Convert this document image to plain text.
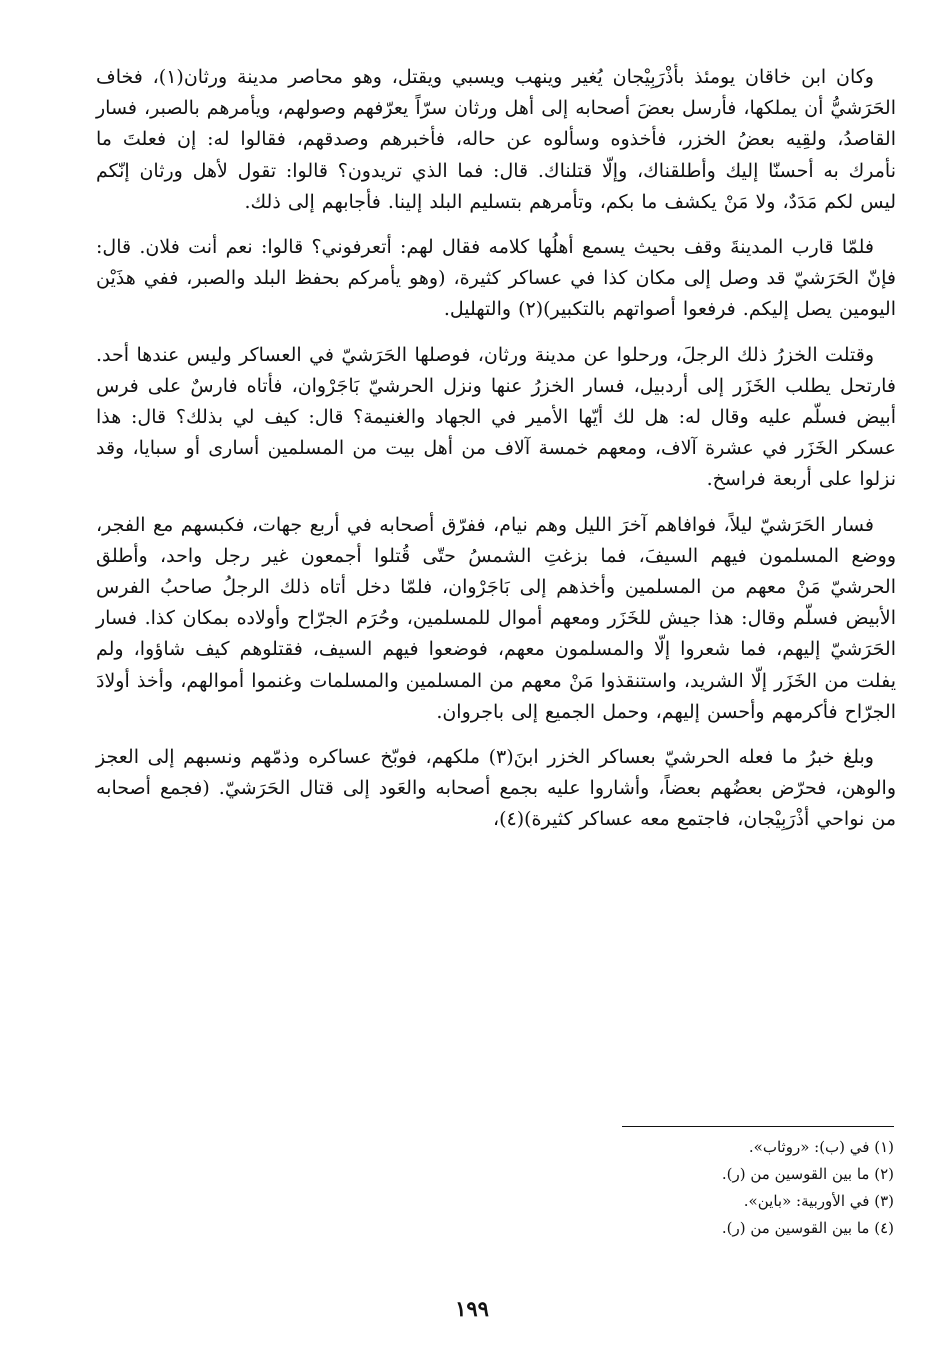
وكان ابن خاقان يومئذ بأذْرَبِيْجان يُغير وينهب ويسبي ويقتل، وهو محاصر مدينة ورثان(١)، فخاف الحَرَشيُّ أن يملكها، فأرسل بعضَ أصحابه إلى أهل ورثان سرّاً يعرّفهم وصولهم، ويأمرهم بالصبر، فسار القاصدُ، ولقِيه بعضُ الخزر، فأخذوه وسألوه عن حاله، فأخبرهم وصدقهم، فقالوا له: إن فعلتَ ما نأمرك به أحسنّا إليك وأطلقناك، وإلّا قتلناك. قال: فما الذي تريدون؟ قالوا: تقول لأهل ورثان إنّكم ليس لكم مَدَدٌ، ولا مَنْ يكشف ما بكم، وتأمرهم بتسليم البلد إلينا. فأجابهم إلى ذلك.

فلمّا قارب المدينةَ وقف بحيث يسمع أهلُها كلامه فقال لهم: أتعرفوني؟ قالوا: نعم أنت فلان. قال: فإنّ الحَرَشيّ قد وصل إلى مكان كذا في عساكر كثيرة، (وهو يأمركم بحفظ البلد والصبر، ففي هذَيْن اليومين يصل إليكم. فرفعوا أصواتهم بالتكبير)(٢) والتهليل.

وقتلت الخزرُ ذلك الرجلَ، ورحلوا عن مدينة ورثان، فوصلها الحَرَشيّ في العساكر وليس عندها أحد. فارتحل يطلب الخَزَر إلى أردبيل، فسار الخزرُ عنها ونزل الحرشيّ بَاجَرْوان، فأتاه فارسٌ على فرس أبيض فسلّم عليه وقال له: هل لك أيّها الأمير في الجهاد والغنيمة؟ قال: كيف لي بذلك؟ قال: هذا عسكر الخَزَر في عشرة آلاف، ومعهم خمسة آلاف من أهل بيت من المسلمين أسارى أو سبايا، وقد نزلوا على أربعة فراسخ.

فسار الحَرَشيّ ليلاً، فوافاهم آخرَ الليل وهم نيام، ففرّق أصحابه في أربع جهات، فكبسهم مع الفجر، ووضع المسلمون فيهم السيفَ، فما بزغتِ الشمسُ حتّى قُتلوا أجمعون غير رجل واحد، وأطلق الحرشيّ مَنْ معهم من المسلمين وأخذهم إلى بَاجَرْوان، فلمّا دخل أتاه ذلك الرجلُ صاحبُ الفرس الأبيض فسلّم وقال: هذا جيش للخَزَر ومعهم أموال للمسلمين، وحُرَم الجرّاح وأولاده بمكان كذا. فسار الحَرَشيّ إليهم، فما شعروا إلّا والمسلمون معهم، فوضعوا فيهم السيف، فقتلوهم كيف شاؤوا، ولم يفلت من الخَزَر إلّا الشريد، واستنقذوا مَنْ معهم من المسلمين والمسلمات وغنموا أموالهم، وأخذ أولادَ الجرّاح فأكرمهم وأحسن إليهم، وحمل الجميع إلى باجروان.

وبلغ خبرُ ما فعله الحرشيّ بعساكر الخزر ابنَ(٣) ملكهم، فوبّخ عساكره وذمّهم ونسبهم إلى العجز والوهن، فحرّض بعضُهم بعضاً، وأشاروا عليه بجمع أصحابه والعَود إلى قتال الحَرَشيّ. (فجمع أصحابه من نواحي أذْرَبِيْجان، فاجتمع معه عساكر كثيرة)(٤)،

(١) في (ب): «روثاب».

(٢) ما بين القوسين من (ر).

(٣) في الأوربية: «باين».

(٤) ما بين القوسين من (ر).

١٩٩
